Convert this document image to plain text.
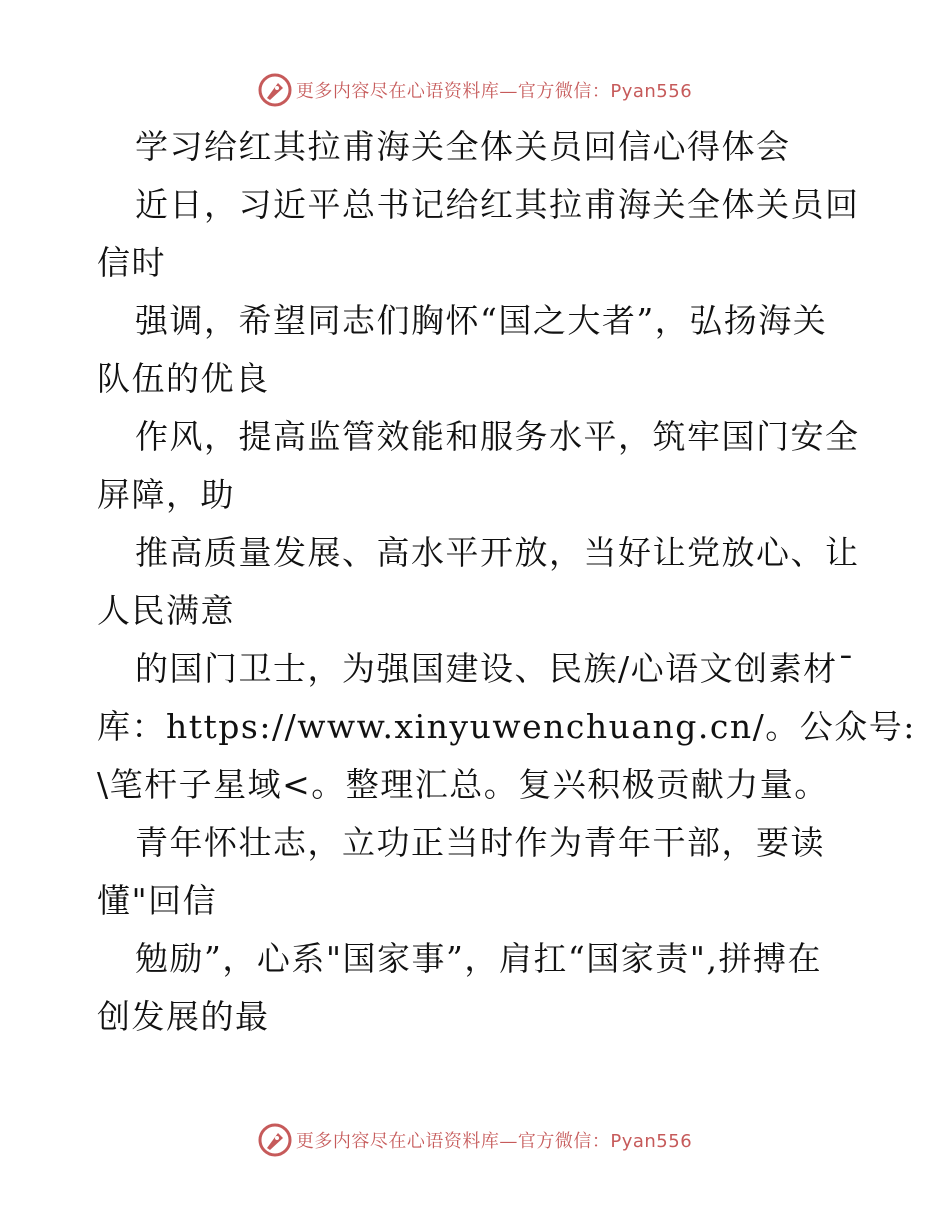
更多内容尽在心语资料库—官方微信：Pyan556
学习给红其拉甫海关全体关员回信心得体会
近日，习近平总书记给红其拉甫海关全体关员回
信时
强调，希望同志们胸怀“国之大者”，弘扬海关
队伍的优良
作风，提高监管效能和服务水平，筑牢国门安全
屏障，助
推高质量发展、高水平开放，当好让党放心、让
人民满意
的国门卫士，为强国建设、民族/心语文创素材¯
库：https://www.xinyuwenchuang.cn/。公众号:
\笔杆子星域<。整理汇总。复兴积极贡献力量。
青年怀壮志，立功正当时作为青年干部，要读
懂"回信
勉励”，心系"国家事”，肩扛“国家责",拼搏在
创发展的最
更多内容尽在心语资料库—官方微信：Pyan556
